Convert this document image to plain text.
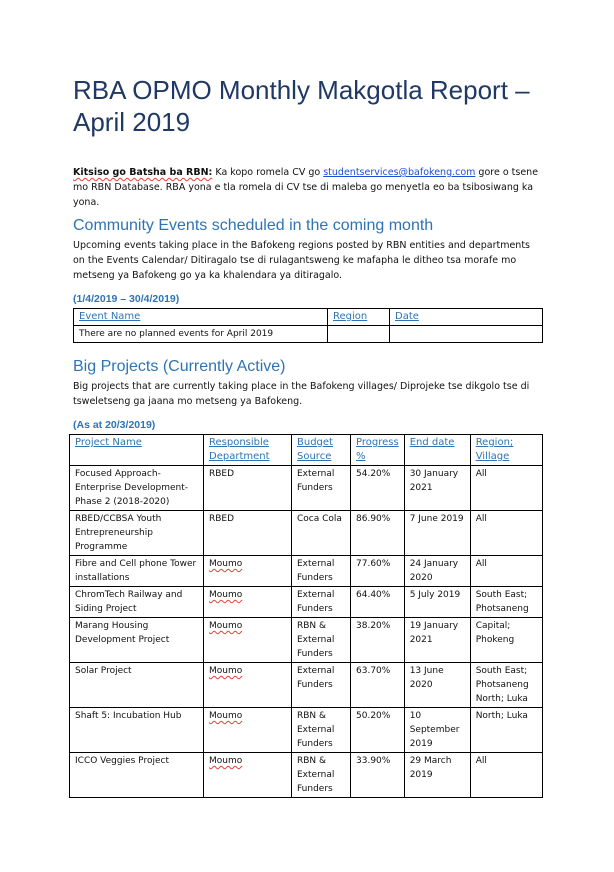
RBA OPMO Monthly Makgotla Report – April 2019

Kitsiso go Batsha ba RBN: Ka kopo romela CV go studentservices@bafokeng.com gore o tsene mo RBN Database. RBA yona e tla romela di CV tse di maleba go menyetla eo ba tsibosiwang ka yona.

Community Events scheduled in the coming month

Upcoming events taking place in the Bafokeng regions posted by RBN entities and departments on the Events Calendar/ Ditiragalo tse di rulagantsweng ke mafapha le ditheo tsa morafe mo metseng ya Bafokeng go ya ka khalendara ya ditiragalo.

(1/4/2019 – 30/4/2019)
Event Name	Region	Date
There are no planned events for April 2019		
Big Projects (Currently Active)

Big projects that are currently taking place in the Bafokeng villages/ Diprojeke tse dikgolo tse di tsweletseng ga jaana mo metseng ya Bafokeng.

(As at 20/3/2019)
Project Name	Responsible Department	Budget Source	Progress %	End date	Region; Village
Focused Approach-Enterprise Development-Phase 2 (2018-2020)	RBED	External Funders	54.20%	30 January 2021	All
RBED/CCBSA Youth Entrepreneurship Programme	RBED	Coca Cola	86.90%	7 June 2019	All
Fibre and Cell phone Tower installations	Moumo	External Funders	77.60%	24 January 2020	All
ChromTech Railway and Siding Project	Moumo	External Funders	64.40%	5 July 2019	South East; Photsaneng
Marang Housing Development Project	Moumo	RBN & External Funders	38.20%	19 January 2021	Capital; Phokeng
Solar Project	Moumo	External Funders	63.70%	13 June 2020	South East; Photsaneng North; Luka
Shaft 5: Incubation Hub	Moumo	RBN & External Funders	50.20%	10 September 2019	North; Luka
ICCO Veggies Project	Moumo	RBN & External Funders	33.90%	29 March 2019	All
